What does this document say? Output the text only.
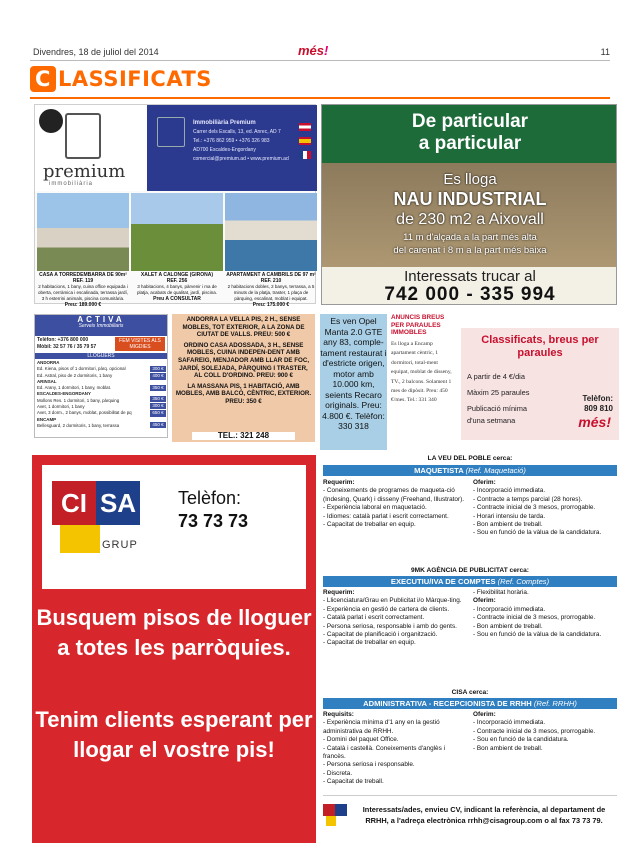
Divendres, 18 de juliol del 2014	més!	11
C LASSIFICATS
premium
immobiliària
Immobiliària Premium
Carrer dels Escalls, 13, ed. Anrec, AD 7
Tel.: +376 862 959 • +376 326 983
AD700 Escaldes-Engordany
comercial@premium.ad • www.premium.ad
CASA A TORREDEMBARRA DE 90m²
REF. 119
2 habitacions, 1 bany, cuina office equipada i oberta, cerràmica i escalinada, terrassa jardí, 3 h esterrini animals, piscina comunitària.
Preu: 189.000 €
XALET A CALONGE (GIRONA)
REF. 256
3 habitacions, 4 banys, pàrvenir i ma de platja, acabats de qualitat, jardí, piscina.
Preu A CONSULTAR
APARTAMENT A CAMBRILS DE 97 m²
REF. 210
2 habitacions dobles, 2 banys, terrassa, a 5 minuts de la platja, traster, 1 plaça de pàrquing, escalinat, moblat i equipat.
Preu: 175.000 €
De particular
a particular
Es lloga
NAU INDUSTRIAL
de 230 m2 a Aixovall
11 m d'alçada a la part més alta
del carenat i 8 m a la part més baixa
Interessats trucar al
742 000 - 335 994
ACTIVA
Serveis Immobiliaris
Telèfon: +376 800 000
Mòbil: 32 57 76 / 35 79 57
FEM VISITES ALS MIGDIES
LLOGUERS
ANDORRA
Ed. Kiena, pisos of 1 dormitori, pàrq. opcional
Ed. Astral, piso de 2 dormitoris, 1 bany
ARINSAL
Ed. Arany, 1 dormitori, 1 bany, moblat.
ESCALDES-ENGORDANY
Mollons Res. 1 dormitori, 1 bany, pàrquing
Avet, 1 dormitori, 1 bany
Avet, 3 dorm., 2 banys, moblat, possibilitat de pq
ENCAMP
Bellesguard, 2 dormitoris, 1 bany, terrassa
300 €
400 €
350 €
350 €
300 €
650 €
450 €
ANDORRA LA VELLA PIS, 2 H., SENSE MOBLES, TOT EXTERIOR, A LA ZONA DE CIUTAT DE VALLS. PREU: 500 €
ORDINO CASA ADOSSADA, 3 H., SENSE MOBLES, CUINA INDEPEN-DENT AMB SAFAREIG, MENJADOR AMB LLAR DE FOC, JARDÍ, SOLEJADA, PÀRQUING I TRASTER, AL COLL D'ORDINO. PREU: 900 €
LA MASSANA PIS, 1 HABITACIÓ, AMB MOBLES, AMB BALCÓ, CÈNTRIC, EXTERIOR. PREU: 350 €
TEL.: 321 248
Es ven Opel Manta 2.0 GTE any 83, comple-tament restaurat i d'estricte origen, motor amb 10.000 km, seients Recaro originals. Preu: 4.800 €. Telèfon: 330 318
ANUNCIS BREUS PER PARAULES
IMMOBLES
Es lloga a Encamp apartament cèntric, 1 dormitori, total-ment equipat, moblat de disseny, TV., 2 balcons. Solament 1 mes de dipòsit. Preu: 450 €/mes. Tel.: 331 340
Classificats, breus per paraules
A partir de 4 €/dia
Màxim 25 paraules
Publicació mínima
d'una setmana
Telèfon:
809 810
més!
CI SA
GRUP
Telèfon:
73 73 73
Busquem pisos de lloguer a totes les parròquies.
Tenim clients esperant per llogar el vostre pis!
LA VEU DEL POBLE cerca:
MAQUETISTA (Ref. Maquetació)
Requerim:
- Coneixements de programes de maqueta-ció (Indesing, Quark) i disseny (Freehand, Illustrator).
- Experiència laboral en maquetació.
- Idiomes: català parlat i escrit correctament.
- Capacitat de treballar en equip.
Oferim:
- Incorporació immediata.
- Contracte a temps parcial (28 hores).
- Contracte inicial de 3 mesos, prorrogable.
- Horari intensiu de tarda.
- Bon ambient de treball.
- Sou en funció de la vàlua de la candidatura.
9MK AGÈNCIA DE PUBLICITAT cerca:
EXECUTIU/IVA DE COMPTES (Ref. Comptes)
Requerim:
- Llicenciatura/Grau en Publicitat i/o Màrque-ting.
- Experiència en gestió de cartera de clients.
- Català parlat i escrit correctament.
- Persona seriosa, responsable i amb do gents.
- Capacitat de planificació i organització.
- Capacitat de treballar en equip.
- Flexibilitat horària.
Oferim:
- Incorporació immediata.
- Contracte inicial de 3 mesos, prorrogable.
- Bon ambient de treball.
- Sou en funció de la vàlua de la candidatura.
CISA cerca:
ADMINISTRATIVA - RECEPCIONISTA DE RRHH (Ref. RRHH)
Requisits:
- Experiència mínima d'1 any en la gestió administrativa de RRHH.
- Domini del paquet Office.
- Català i castellà. Coneixements d'anglès i francès.
- Persona seriosa i responsable.
- Discreta.
- Capacitat de treball.
Oferim:
- Incorporació immediata.
- Contracte inicial de 3 mesos, prorrogable.
- Sou en funció de la candidatura.
- Bon ambient de treball.
Interessats/ades, envieu CV, indicant la referència, al departament de RRHH, a l'adreça electrònica rrhh@cisagroup.com o al fax 73 73 79.
